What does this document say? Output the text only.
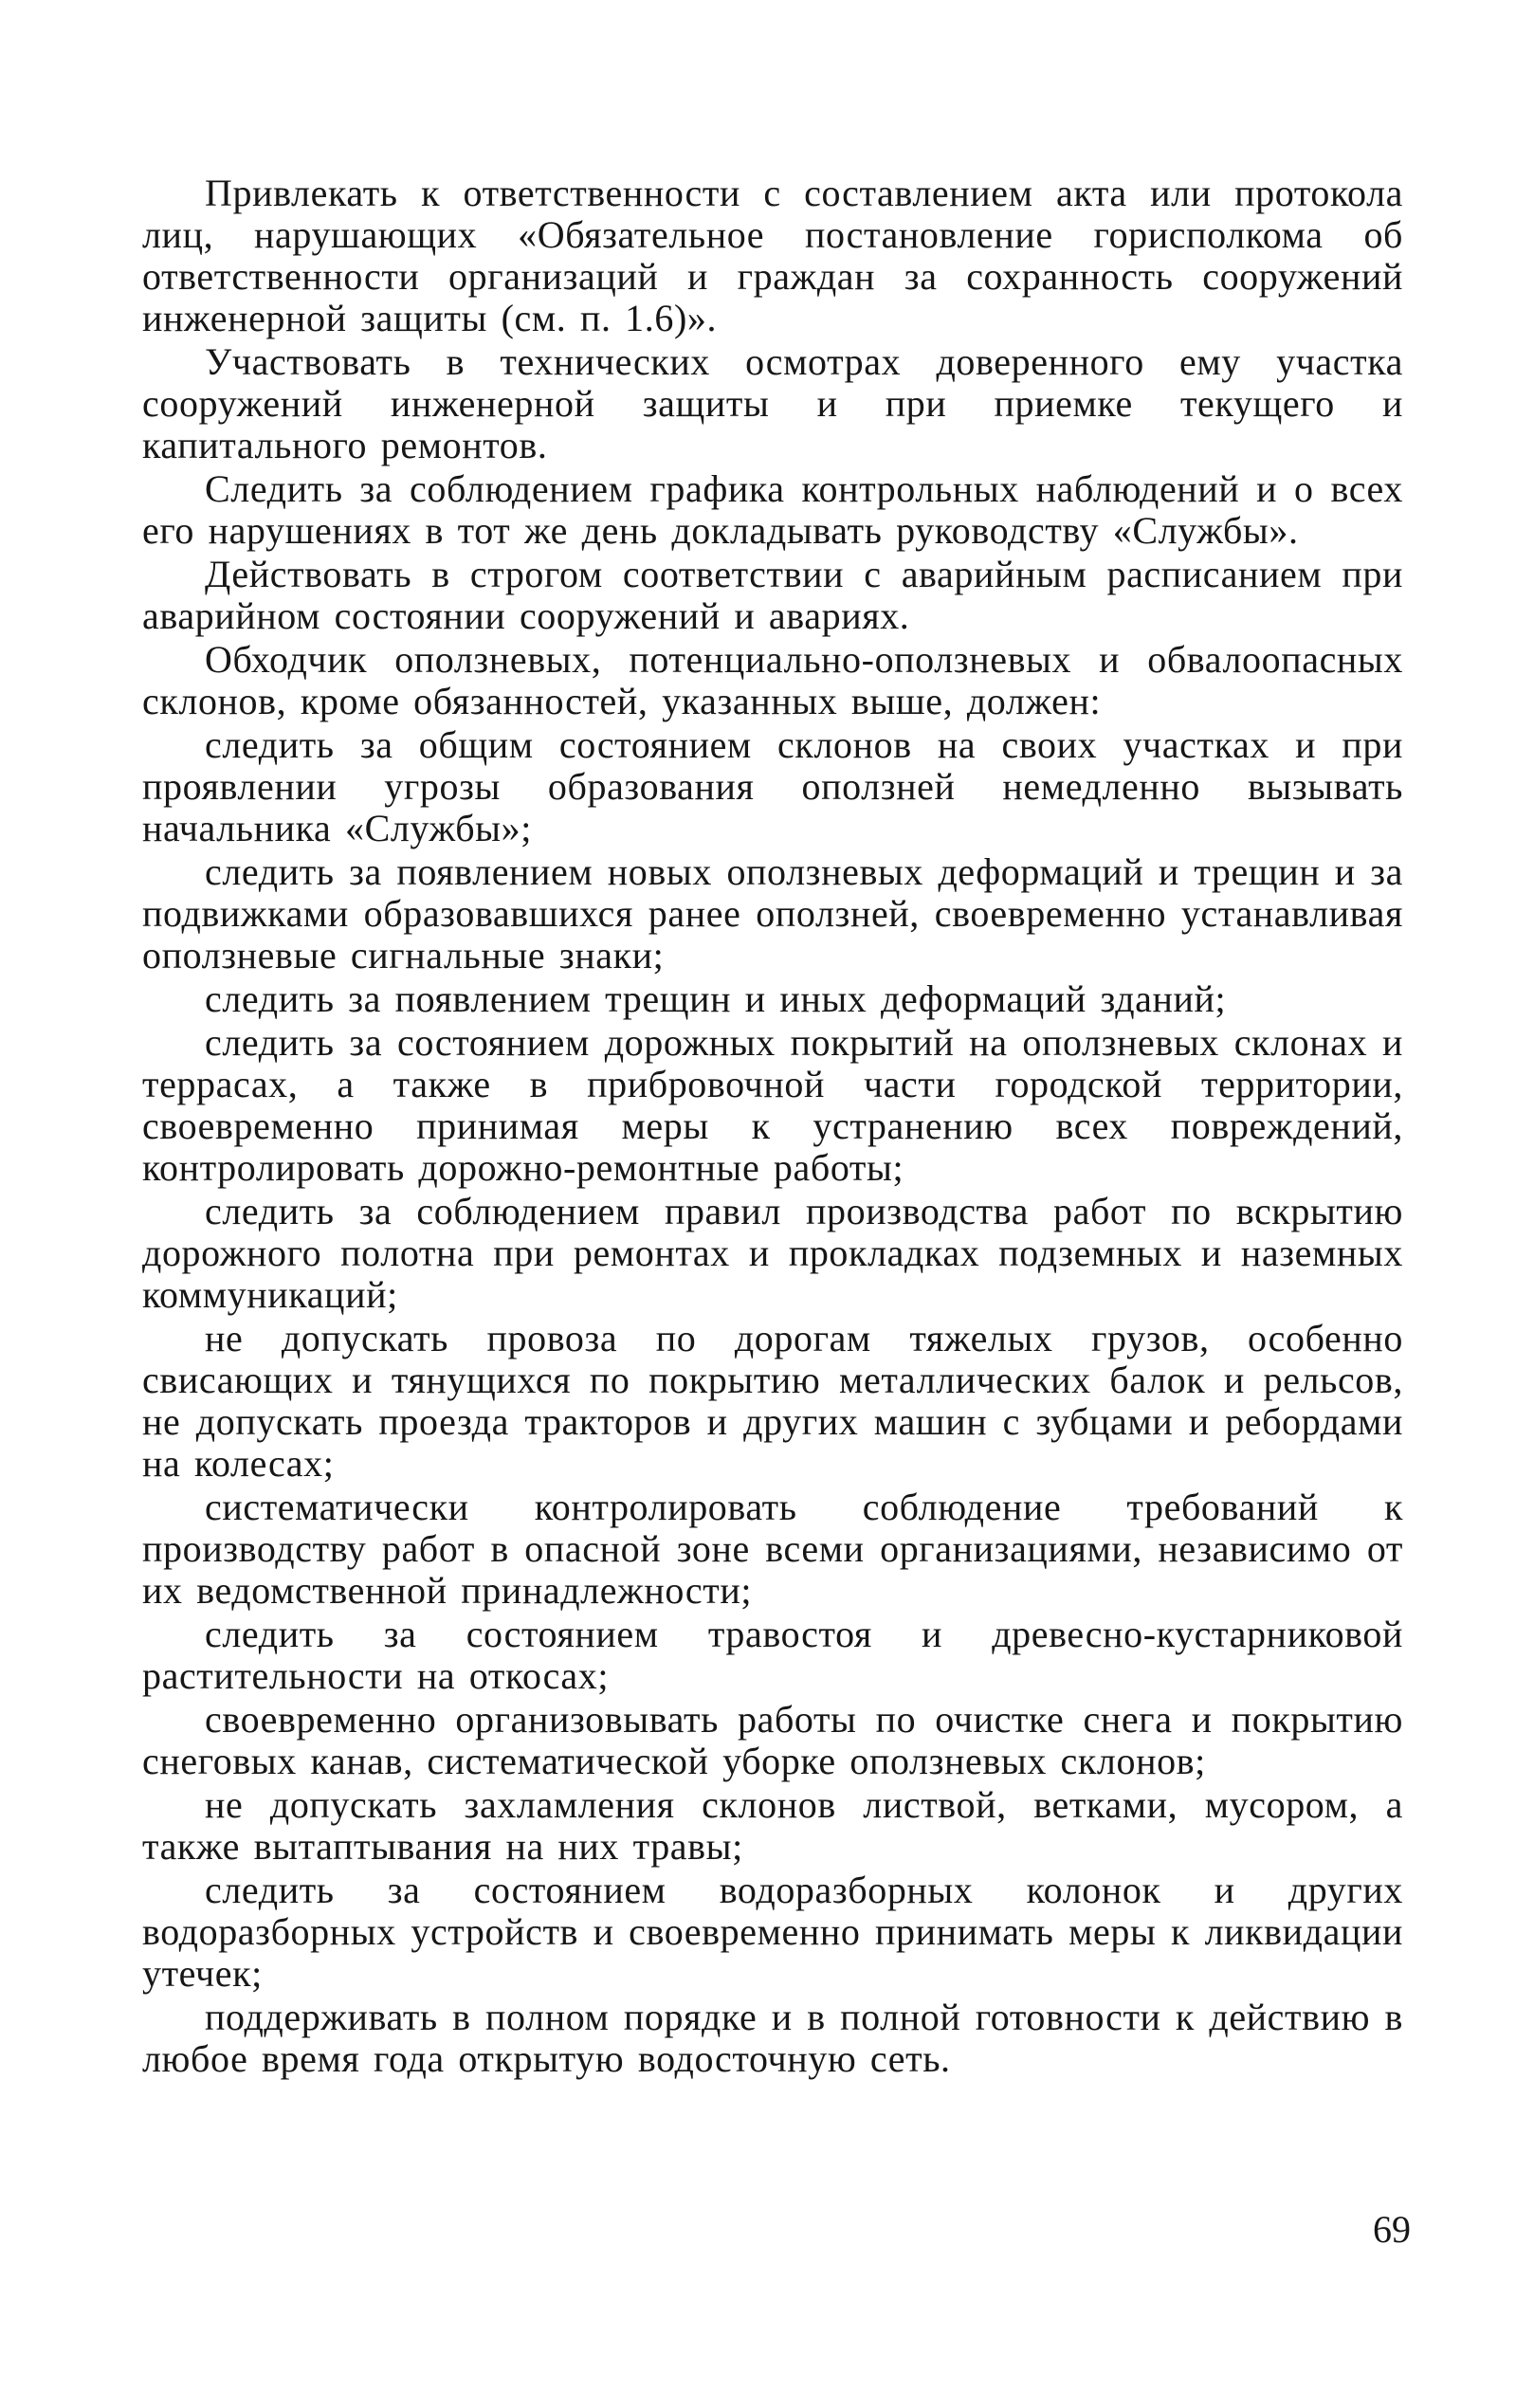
Привлекать к ответственности с составлением акта или протокола лиц, нарушающих «Обязательное постановление горисполкома об ответственности организаций и граждан за сохранность сооружений инженерной защиты (см. п. 1.6)».

Участвовать в технических осмотрах доверенного ему участка сооружений инженерной защиты и при приемке текущего и капитального ремонтов.

Следить за соблюдением графика контрольных наблюдений и о всех его нарушениях в тот же день докладывать руководству «Службы».

Действовать в строгом соответствии с аварийным расписанием при аварийном состоянии сооружений и авариях.

Обходчик оползневых, потенциально-оползневых и обвалоопасных склонов, кроме обязанностей, указанных выше, должен:

следить за общим состоянием склонов на своих участках и при проявлении угрозы образования оползней немедленно вызывать начальника «Службы»;

следить за появлением новых оползневых деформаций и трещин и за подвижками образовавшихся ранее оползней, своевременно устанавливая оползневые сигнальные знаки;

следить за появлением трещин и иных деформаций зданий;

следить за состоянием дорожных покрытий на оползневых склонах и террасах, а также в прибровочной части городской территории, своевременно принимая меры к устранению всех повреждений, контролировать дорожно-ремонтные работы;

следить за соблюдением правил производства работ по вскрытию дорожного полотна при ремонтах и прокладках подземных и наземных коммуникаций;

не допускать провоза по дорогам тяжелых грузов, особенно свисающих и тянущихся по покрытию металлических балок и рельсов, не допускать проезда тракторов и других машин с зубцами и ребордами на колесах;

систематически контролировать соблюдение требований к производству работ в опасной зоне всеми организациями, независимо от их ведомственной принадлежности;

следить за состоянием травостоя и древесно-кустарниковой растительности на откосах;

своевременно организовывать работы по очистке снега и покрытию снеговых канав, систематической уборке оползневых склонов;

не допускать захламления склонов листвой, ветками, мусором, а также вытаптывания на них травы;

следить за состоянием водоразборных колонок и других водоразборных устройств и своевременно принимать меры к ликвидации утечек;

поддерживать в полном порядке и в полной готовности к действию в любое время года открытую водосточную сеть.

69
